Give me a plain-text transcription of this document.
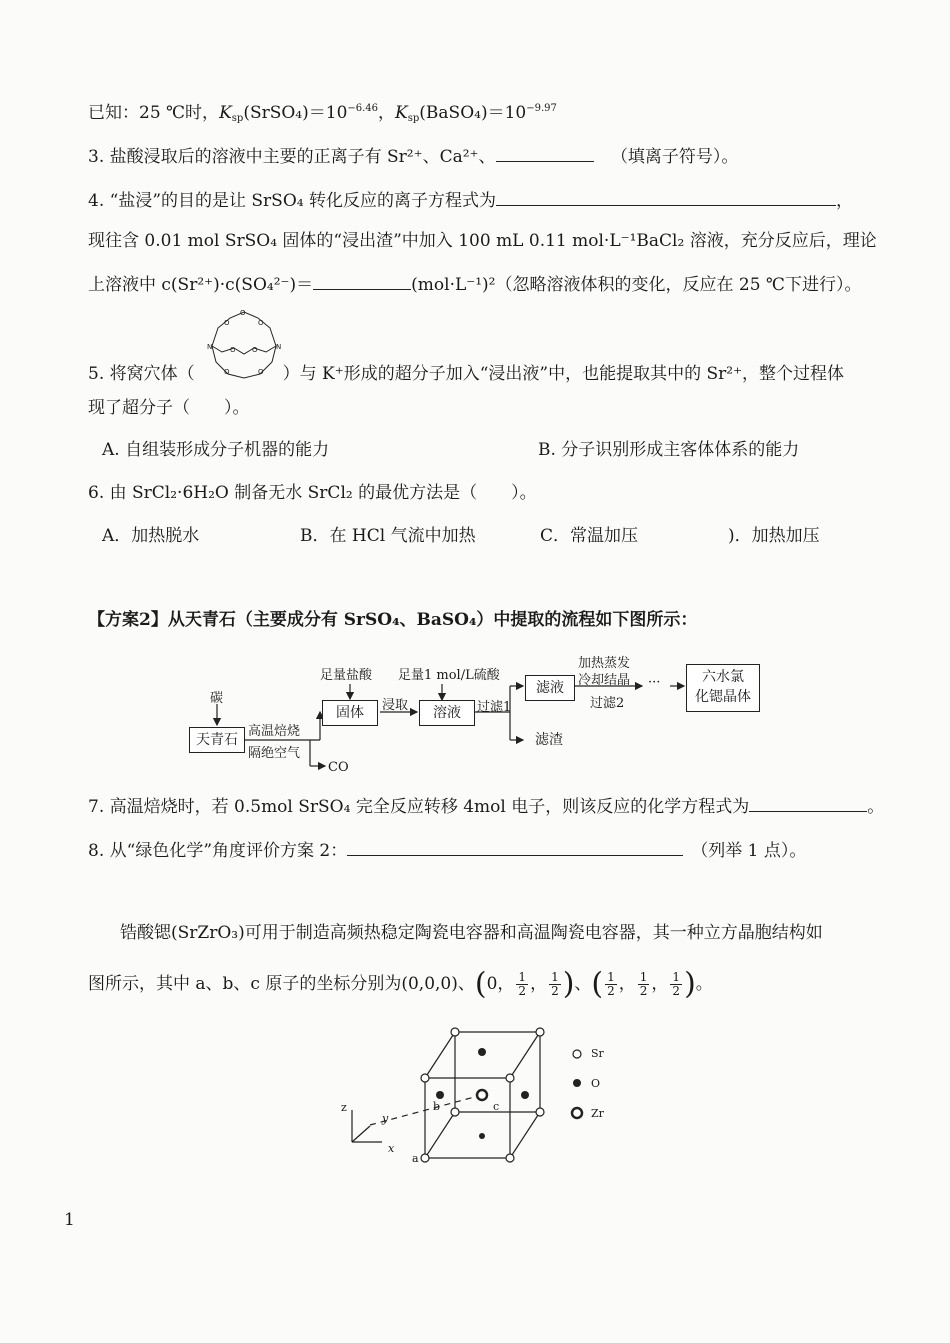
已知：25 ℃时，$K_{sp}(SrSO_4)=10^{-6.46}$，$K_{sp}(BaSO_4)=10^{-9.97}$
3. 盐酸浸取后的溶液中主要的正离子有 Sr²⁺、Ca²⁺、	（填离子符号）。
4. “盐浸”的目的是让 SrSO₄ 转化反应的离子方程式为	，
现往含 0.01 mol SrSO₄ 固体的“浸出渣”中加入 100 mL 0.11 mol·L⁻¹BaCl₂ 溶液，充分反应后，理论
上溶液中 c(Sr²⁺)·c(SO₄²⁻)＝	(mol·L⁻¹)²（忽略溶液体积的变化，反应在 25 ℃下进行）。
N	N
O
O	O
O O
O	O
5. 将窝穴体（	）与 K⁺形成的超分子加入“浸出液”中，也能提取其中的 Sr²⁺，整个过程体
现了超分子（　　）。
A. 自组装形成分子机器的能力	B. 分子识别形成主客体体系的能力
6. 由 SrCl₂·6H₂O 制备无水 SrCl₂ 的最优方法是（　　）。
A．加热脱水	B．在 HCl 气流中加热	C．常温加压	)．加热加压
【方案2】从天青石（主要成分有 SrSO₄、BaSO₄）中提取的流程如下图所示：
碳
天青石
高温焙烧
隔绝空气
CO
足量盐酸
固体	浸取
足量1 mol/L硫酸
溶液	过滤1
滤液
滤渣
加热蒸发
冷却结晶
过滤2
···	六水氯
化锶晶体
7. 高温焙烧时，若 0.5mol SrSO₄ 完全反应转移 4mol 电子，则该反应的化学方程式为	。
8. 从“绿色化学”角度评价方案 2：	（列举 1 点）。
锆酸锶(SrZrO₃)可用于制造高频热稳定陶瓷电容器和高温陶瓷电容器，其一种立方晶胞结构如
图所示，其中 a、b、c 原子的坐标分别为(0,0,0)、(0， $\frac{1}{2}$ ， $\frac{1}{2}$ )、( $\frac{1}{2}$ ， $\frac{1}{2}$ ， $\frac{1}{2}$ )。
z
y
x
a
b	c
Sr
O
Zr
1
